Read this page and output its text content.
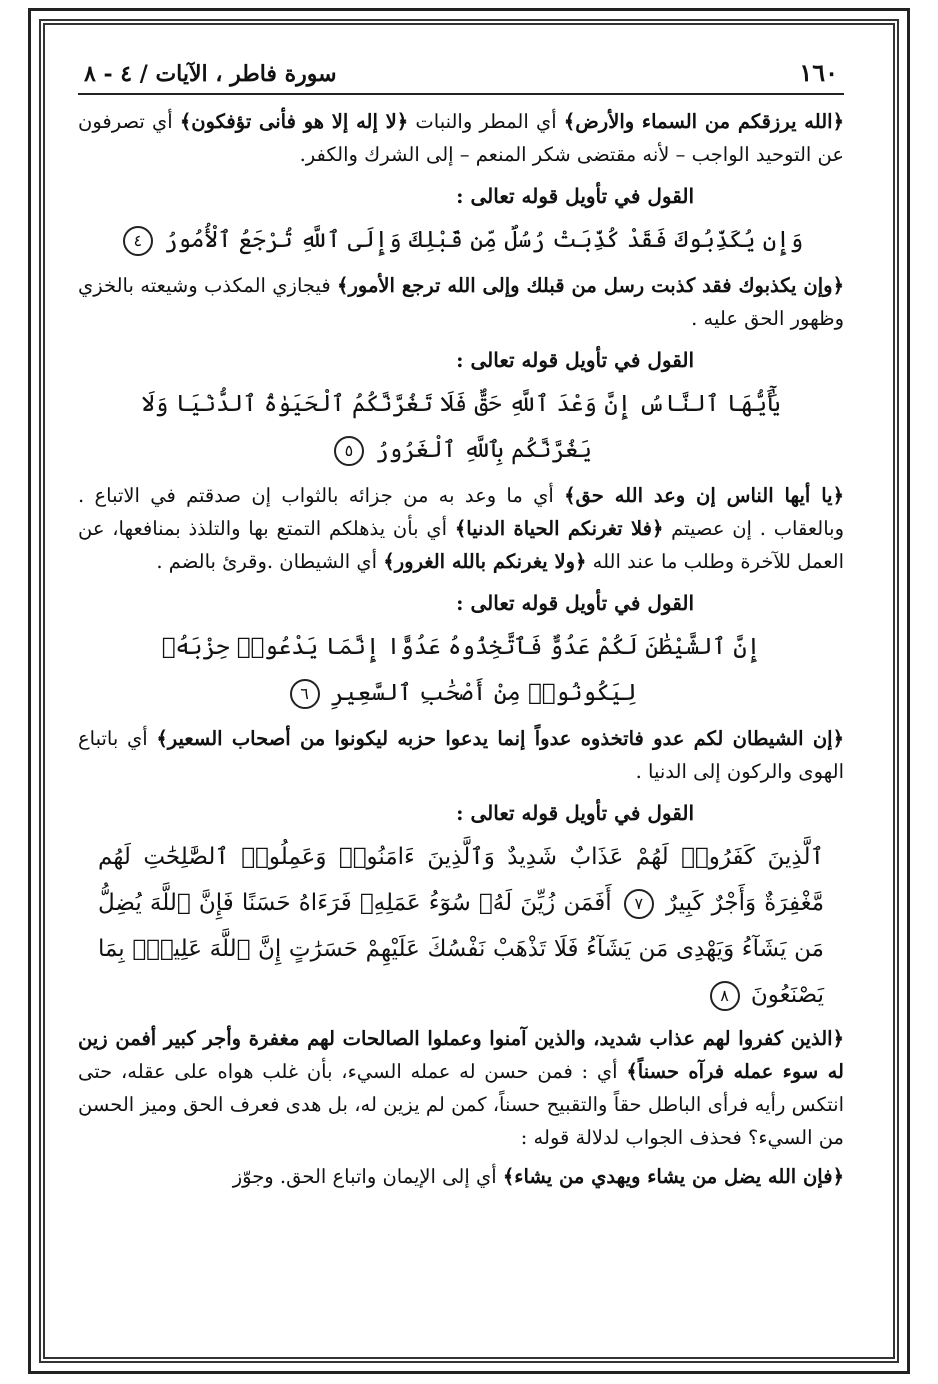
١٦٠
سورة فاطر ، الآيات / ٤ - ٨

﴿الله يرزقكم من السماء والأرض﴾ أي المطر والنبات ﴿لا إله إلا هو فأنى تؤفكون﴾ أي تصرفون عن التوحيد الواجب – لأنه مقتضى شكر المنعم – إلى الشرك والكفر.

القول في تأويل قوله تعالى :
وَإِن يُكَذِّبُوكَ فَقَدْ كُذِّبَتْ رُسُلٌ مِّن قَبْلِكَ وَإِلَى ٱللَّهِ تُرْجَعُ ٱلْأُمُورُ ٤

﴿وإن يكذبوك فقد كذبت رسل من قبلك وإلى الله ترجع الأمور﴾ فيجازي المكذب وشيعته بالخزي وظهور الحق عليه .

القول في تأويل قوله تعالى :
يَٰٓأَيُّهَا ٱلنَّاسُ إِنَّ وَعْدَ ٱللَّهِ حَقٌّ فَلَا تَغُرَّنَّكُمُ ٱلْحَيَوٰةُ ٱلدُّنْيَا وَلَا يَغُرَّنَّكُم بِٱللَّهِ ٱلْغَرُورُ ٥

﴿يا أيها الناس إن وعد الله حق﴾ أي ما وعد به من جزائه بالثواب إن صدقتم في الاتباع . وبالعقاب . إن عصيتم ﴿فلا تغرنكم الحياة الدنيا﴾ أي بأن يذهلكم التمتع بها والتلذذ بمنافعها، عن العمل للآخرة وطلب ما عند الله ﴿ولا يغرنكم بالله الغرور﴾ أي الشيطان .وقرئ بالضم .

القول في تأويل قوله تعالى :
إِنَّ ٱلشَّيْطَٰنَ لَكُمْ عَدُوٌّ فَٱتَّخِذُوهُ عَدُوًّا إِنَّمَا يَدْعُوا۟ حِزْبَهُۥ لِيَكُونُوا۟ مِنْ أَصْحَٰبِ ٱلسَّعِيرِ ٦

﴿إن الشيطان لكم عدو فاتخذوه عدواً إنما يدعوا حزبه ليكونوا من أصحاب السعير﴾ أي باتباع الهوى والركون إلى الدنيا .

القول في تأويل قوله تعالى :
ٱلَّذِينَ كَفَرُوا۟ لَهُمْ عَذَابٌ شَدِيدٌ وَٱلَّذِينَ ءَامَنُوا۟ وَعَمِلُوا۟ ٱلصَّٰلِحَٰتِ لَهُم مَّغْفِرَةٌ وَأَجْرٌ كَبِيرٌ ٧ أَفَمَن زُيِّنَ لَهُۥ سُوٓءُ عَمَلِهِۦ فَرَءَاهُ حَسَنًا فَإِنَّ ٱللَّهَ يُضِلُّ مَن يَشَآءُ وَيَهْدِى مَن يَشَآءُ فَلَا تَذْهَبْ نَفْسُكَ عَلَيْهِمْ حَسَرَٰتٍ إِنَّ ٱللَّهَ عَلِيمٌۢ بِمَا يَصْنَعُونَ ٨

﴿الذين كفروا لهم عذاب شديد، والذين آمنوا وعملوا الصالحات لهم مغفرة وأجر كبير أفمن زين له سوء عمله فرآه حسناً﴾ أي : فمن حسن له عمله السيء، بأن غلب هواه على عقله، حتى انتكس رأيه فرأى الباطل حقاً والتقبيح حسناً، كمن لم يزين له، بل هدى فعرف الحق وميز الحسن من السيء؟ فحذف الجواب لدلالة قوله :

﴿فإن الله يضل من يشاء ويهدي من يشاء﴾ أي إلى الإيمان واتباع الحق. وجوّز
